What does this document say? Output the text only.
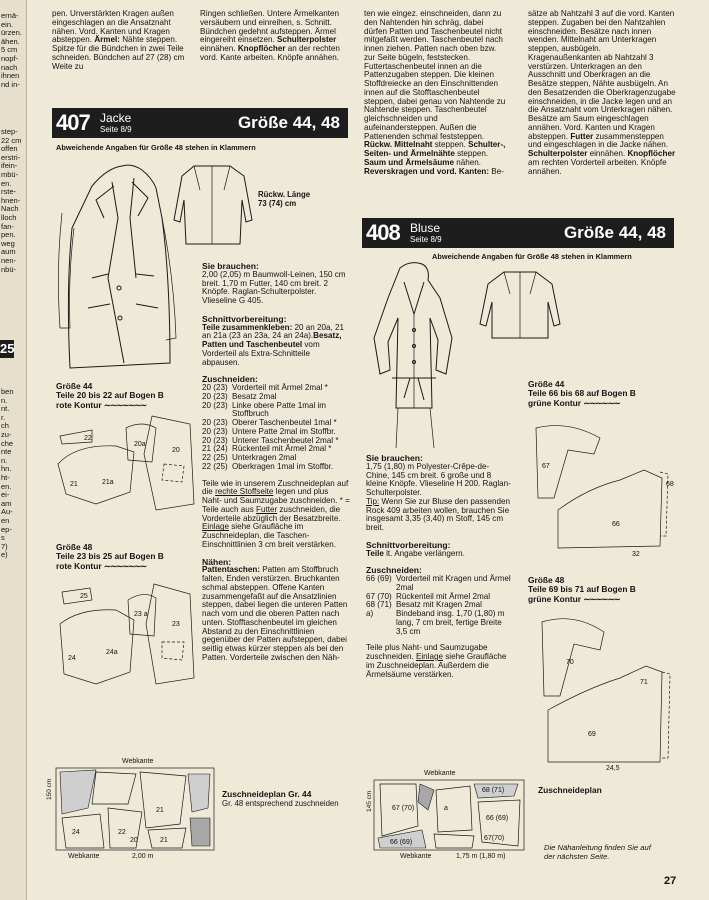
ernä-
ein.
ürzen.
ähen.
5 cm
nopf-
nach
ihnen
nd in-
step-
22 cm
offen
erstri-
ifein-
mbü-
en.
rste-
hnen-
Nach
lloch
fan-
pen.
weg
aum
nen-
nbü-
ben
n.
nt.
r.
ch
zu-
che
nte
n.
hn.
ht-
en.
ei-
am
Au-
en
ep-
s
7)
e)
25
pen. Unverstärkten Kragen außen eingeschlagen an die Ansatznaht nähen. Vord. Kanten und Kragen absteppen. Ärmel: Nähte steppen. Spitze für die Bündchen in zwei Teile schneiden. Bündchen auf 27 (28) cm Weite zu
Ringen schließen. Untere Ärmelkanten versäubern und einreihen, s. Schnitt. Bündchen gedehnt aufsteppen. Ärmel eingereiht einsetzen. Schulterpolster einnähen. Knopflöcher an der rechten vord. Kante arbeiten. Knöpfe annähen.
ten wie eingez. einschneiden, dann zu den Nahtenden hin schräg, dabei dürfen Patten und Taschenbeutel nicht mitgefaßt werden. Taschenbeutel nach innen ziehen. Patten nach oben bzw. zur Seite bügeln, feststecken. Futtertaschenbeutel innen an die Pattenzugaben steppen. Die kleinen Stoffdreiecke an den Einschnittenden innen auf die Stofftaschenbeutel steppen, dabei genau von Nahtende zu Nahtende steppen. Taschenbeutel gleichschneiden und aufeinandersteppen. Außen die Pattenenden schmal feststeppen. Rückw. Mittelnaht steppen. Schulter-, Seiten- und Ärmelnähte steppen. Saum und Ärmelsäume nähen. Reverskragen und vord. Kanten: Be-
sätze ab Nahtzahl 3 auf die vord. Kanten steppen. Zugaben bei den Nahtzahlen einschneiden. Besätze nach innen wenden. Mittelnaht am Unterkragen steppen, ausbügeln. Kragenaußenkanten ab Nahtzahl 3 verstürzen. Unterkragen an den Ausschnitt und Oberkragen an die Besätze steppen, Nähte ausbügeln. An den Besatzenden die Oberkragenzugabe einschneiden, in die Jacke legen und an die Ansatznaht vom Unterkragen nähen. Besätze am Saum eingeschlagen annähen. Vord. Kanten und Kragen absteppen. Futter zusammensteppen und eingeschlagen in die Jacke nähen. Schulterpolster einnähen. Knopflöcher am rechten Vorderteil arbeiten. Knöpfe annähen.
407 Jacke
Seite 8/9	Größe 44, 48
Abweichende Angaben für Größe 48 stehen in Klammern
Rückw. Länge
73 (74) cm
Sie brauchen:
2,00 (2,05) m Baumwoll-Leinen, 150 cm breit. 1,70 m Futter, 140 cm breit. 2 Knöpfe. Raglan-Schulterpolster. Vlieseline G 405.
Schnittvorbereitung:
Teile zusammenkleben: 20 an 20a, 21 an 21a (23 an 23a, 24 an 24a).Besatz, Patten und Taschenbeutel vom Vorderteil als Extra-Schnitteile abpausen.
Zuschneiden:
20 (23) Vorderteil mit Ärmel 2mal *
20 (23) Besatz 2mal
20 (23) Linke obere Patte 1mal im Stoffbruch
20 (23) Oberer Taschenbeutel 1mal *
20 (23) Untere Patte 2mal im Stoffbr.
20 (23) Unterer Taschenbeutel 2mal *
21 (24) Rückenteil mit Ärmel 2mal *
22 (25) Unterkragen 2mal
22 (25) Oberkragen 1mal im Stoffbr.
Teile wie in unserem Zuschneideplan auf die rechte Stoffseite legen und plus Naht- und Saumzugabe zuschneiden. * = Teile auch aus Futter zuschneiden, die Vorderteile abzüglich der Besatzbreite. Einlage siehe Graufläche im Zuschneideplan, die Taschen-Einschnittlinien 3 cm breit verstärken.
Nähen:
Pattentaschen: Patten am Stoffbruch falten, Enden verstürzen. Bruchkanten schmal absteppen. Offene Kanten zusammengefaßt auf die Ansatzlinien steppen, dabei liegen die unteren Patten nach vorn und die oberen Patten nach unten. Stofftaschenbeutel im gleichen Abstand zu den Einschnittlinien gegenüber der Patten aufsteppen, dabei seitlig etwas kürzer steppen als bei den Patten. Vorderteile zwischen den Näh-
Größe 44
Teile 20 bis 22 auf Bogen B
rote Kontur ∼∼∼∼∼∼∼
22
21	21a
20a
20
Größe 48
Teile 23 bis 25 auf Bogen B
rote Kontur ∼∼∼∼∼∼∼
25
24
24a
23 a
23
Webkante
24	22
20	21
21
150 cm
Webkante	2,00 m
Zuschneideplan Gr. 44
Gr. 48 entsprechend zuschneiden
408 Bluse
Seite 8/9	Größe 44, 48
Abweichende Angaben für Größe 48 stehen in Klammern
Sie brauchen:
1,75 (1,80) m Polyester-Crêpe-de-Chine, 145 cm breit. 6 große und 8 kleine Knöpfe. Vlieseline H 200. Raglan-Schulterpolster.
Tip: Wenn Sie zur Bluse den passenden Rock 409 arbeiten wollen, brauchen Sie insgesamt 3,35 (3,40) m Stoff, 145 cm breit.
Schnittvorbereitung:
Teile lt. Angabe verlängern.
Zuschneiden:
66 (69) Vorderteil mit Kragen und Ärmel 2mal
67 (70) Rückenteil mit Ärmel 2mal
68 (71) Besatz mit Kragen 2mal
a)	Bindeband insg. 1,70 (1,80) m lang, 7 cm breit, fertige Breite 3,5 cm
Teile plus Naht- und Saumzugabe zuschneiden. Einlage siehe Graufläche im Zuschneideplan. Außerdem die Ärmelsäume verstärken.
Webkante
67 (70)	a
66 (69)
66 (69)
68 (71)
67(70)
145 cm
Webkante	1,75 m (1,80 m)
Größe 44
Teile 66 bis 68 auf Bogen B
grüne Kontur ∼∼∼∼∼∼
67
66
68
32
Größe 48
Teile 69 bis 71 auf Bogen B
grüne Kontur ∼∼∼∼∼∼
70
69
71
24,5
Zuschneideplan
Die Nähanleitung finden Sie auf
der nächsten Seite.
27
